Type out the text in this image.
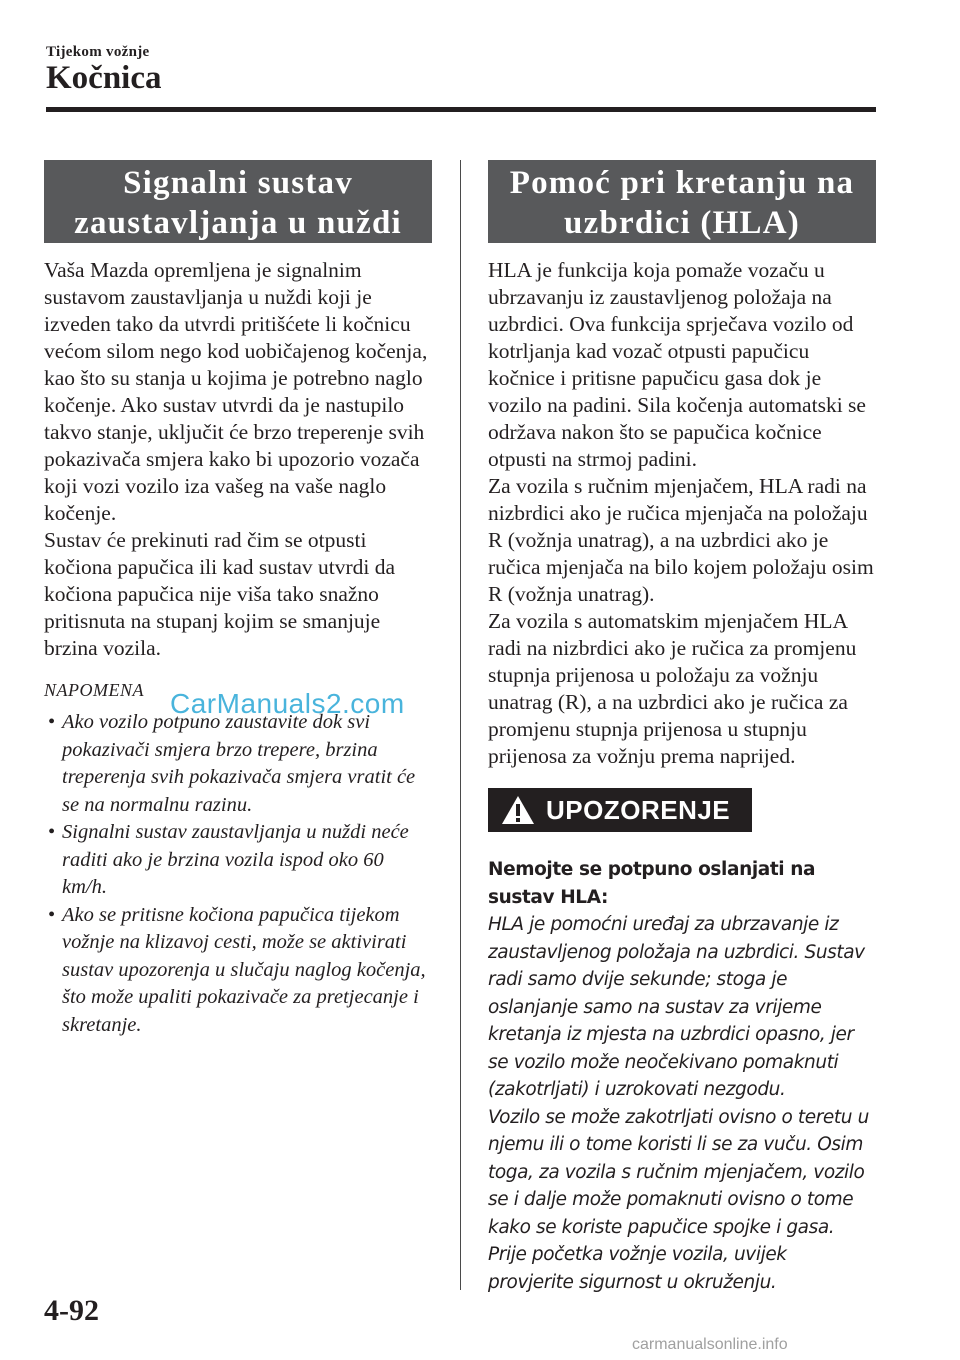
Tijekom vožnje
Kočnica
Signalni sustav
zaustavljanja u nuždi

Vaša Mazda opremljena je signalnim sustavom zaustavljanja u nuždi koji je izveden tako da utvrdi pritišćete li kočnicu većom silom nego kod uobičajenog kočenja, kao što su stanja u kojima je potrebno naglo kočenje. Ako sustav utvrdi da je nastupilo takvo stanje, uključit će brzo treperenje svih pokazivača smjera kako bi upozorio vozača koji vozi vozilo iza vašeg na vaše naglo kočenje.

Sustav će prekinuti rad čim se otpusti kočiona papučica ili kad sustav utvrdi da kočiona papučica nije viša tako snažno pritisnuta na stupanj kojim se smanjuje brzina vozila.

NAPOMENA
• Ako vozilo potpuno zaustavite dok svi pokazivači smjera brzo trepere, brzina treperenja svih pokazivača smjera vratit će se na normalnu razinu.
• Signalni sustav zaustavljanja u nuždi neće raditi ako je brzina vozila ispod oko 60 km/h.
• Ako se pritisne kočiona papučica tijekom vožnje na klizavoj cesti, može se aktivirati sustav upozorenja u slučaju naglog kočenja, što može upaliti pokazivače za pretjecanje i skretanje.
Pomoć pri kretanju na
uzbrdici (HLA)

HLA je funkcija koja pomaže vozaču u ubrzavanju iz zaustavljenog položaja na uzbrdici. Ova funkcija sprječava vozilo od kotrljanja kad vozač otpusti papučicu kočnice i pritisne papučicu gasa dok je vozilo na padini. Sila kočenja automatski se održava nakon što se papučica kočnice otpusti na strmoj padini.

Za vozila s ručnim mjenjačem, HLA radi na nizbrdici ako je ručica mjenjača na položaju R (vožnja unatrag), a na uzbrdici ako je ručica mjenjača na bilo kojem položaju osim R (vožnja unatrag).

Za vozila s automatskim mjenjačem HLA radi na nizbrdici ako je ručica za promjenu stupnja prijenosa u položaju za vožnju unatrag (R), a na uzbrdici ako je ručica za promjenu stupnja prijenosa u stupnju prijenosa za vožnju prema naprijed.

UPOZORENJE
Nemojte se potpuno oslanjati na sustav HLA:
HLA je pomoćni uređaj za ubrzavanje iz zaustavljenog položaja na uzbrdici. Sustav radi samo dvije sekunde; stoga je oslanjanje samo na sustav za vrijeme kretanja iz mjesta na uzbrdici opasno, jer se vozilo može neočekivano pomaknuti (zakotrljati) i uzrokovati nezgodu.
Vozilo se može zakotrljati ovisno o teretu u njemu ili o tome koristi li se za vuču. Osim toga, za vozila s ručnim mjenjačem, vozilo se i dalje može pomaknuti ovisno o tome kako se koriste papučice spojke i gasa.
Prije početka vožnje vozila, uvijek provjerite sigurnost u okruženju.
CarManuals2.com
4-92
carmanualsonline.info
